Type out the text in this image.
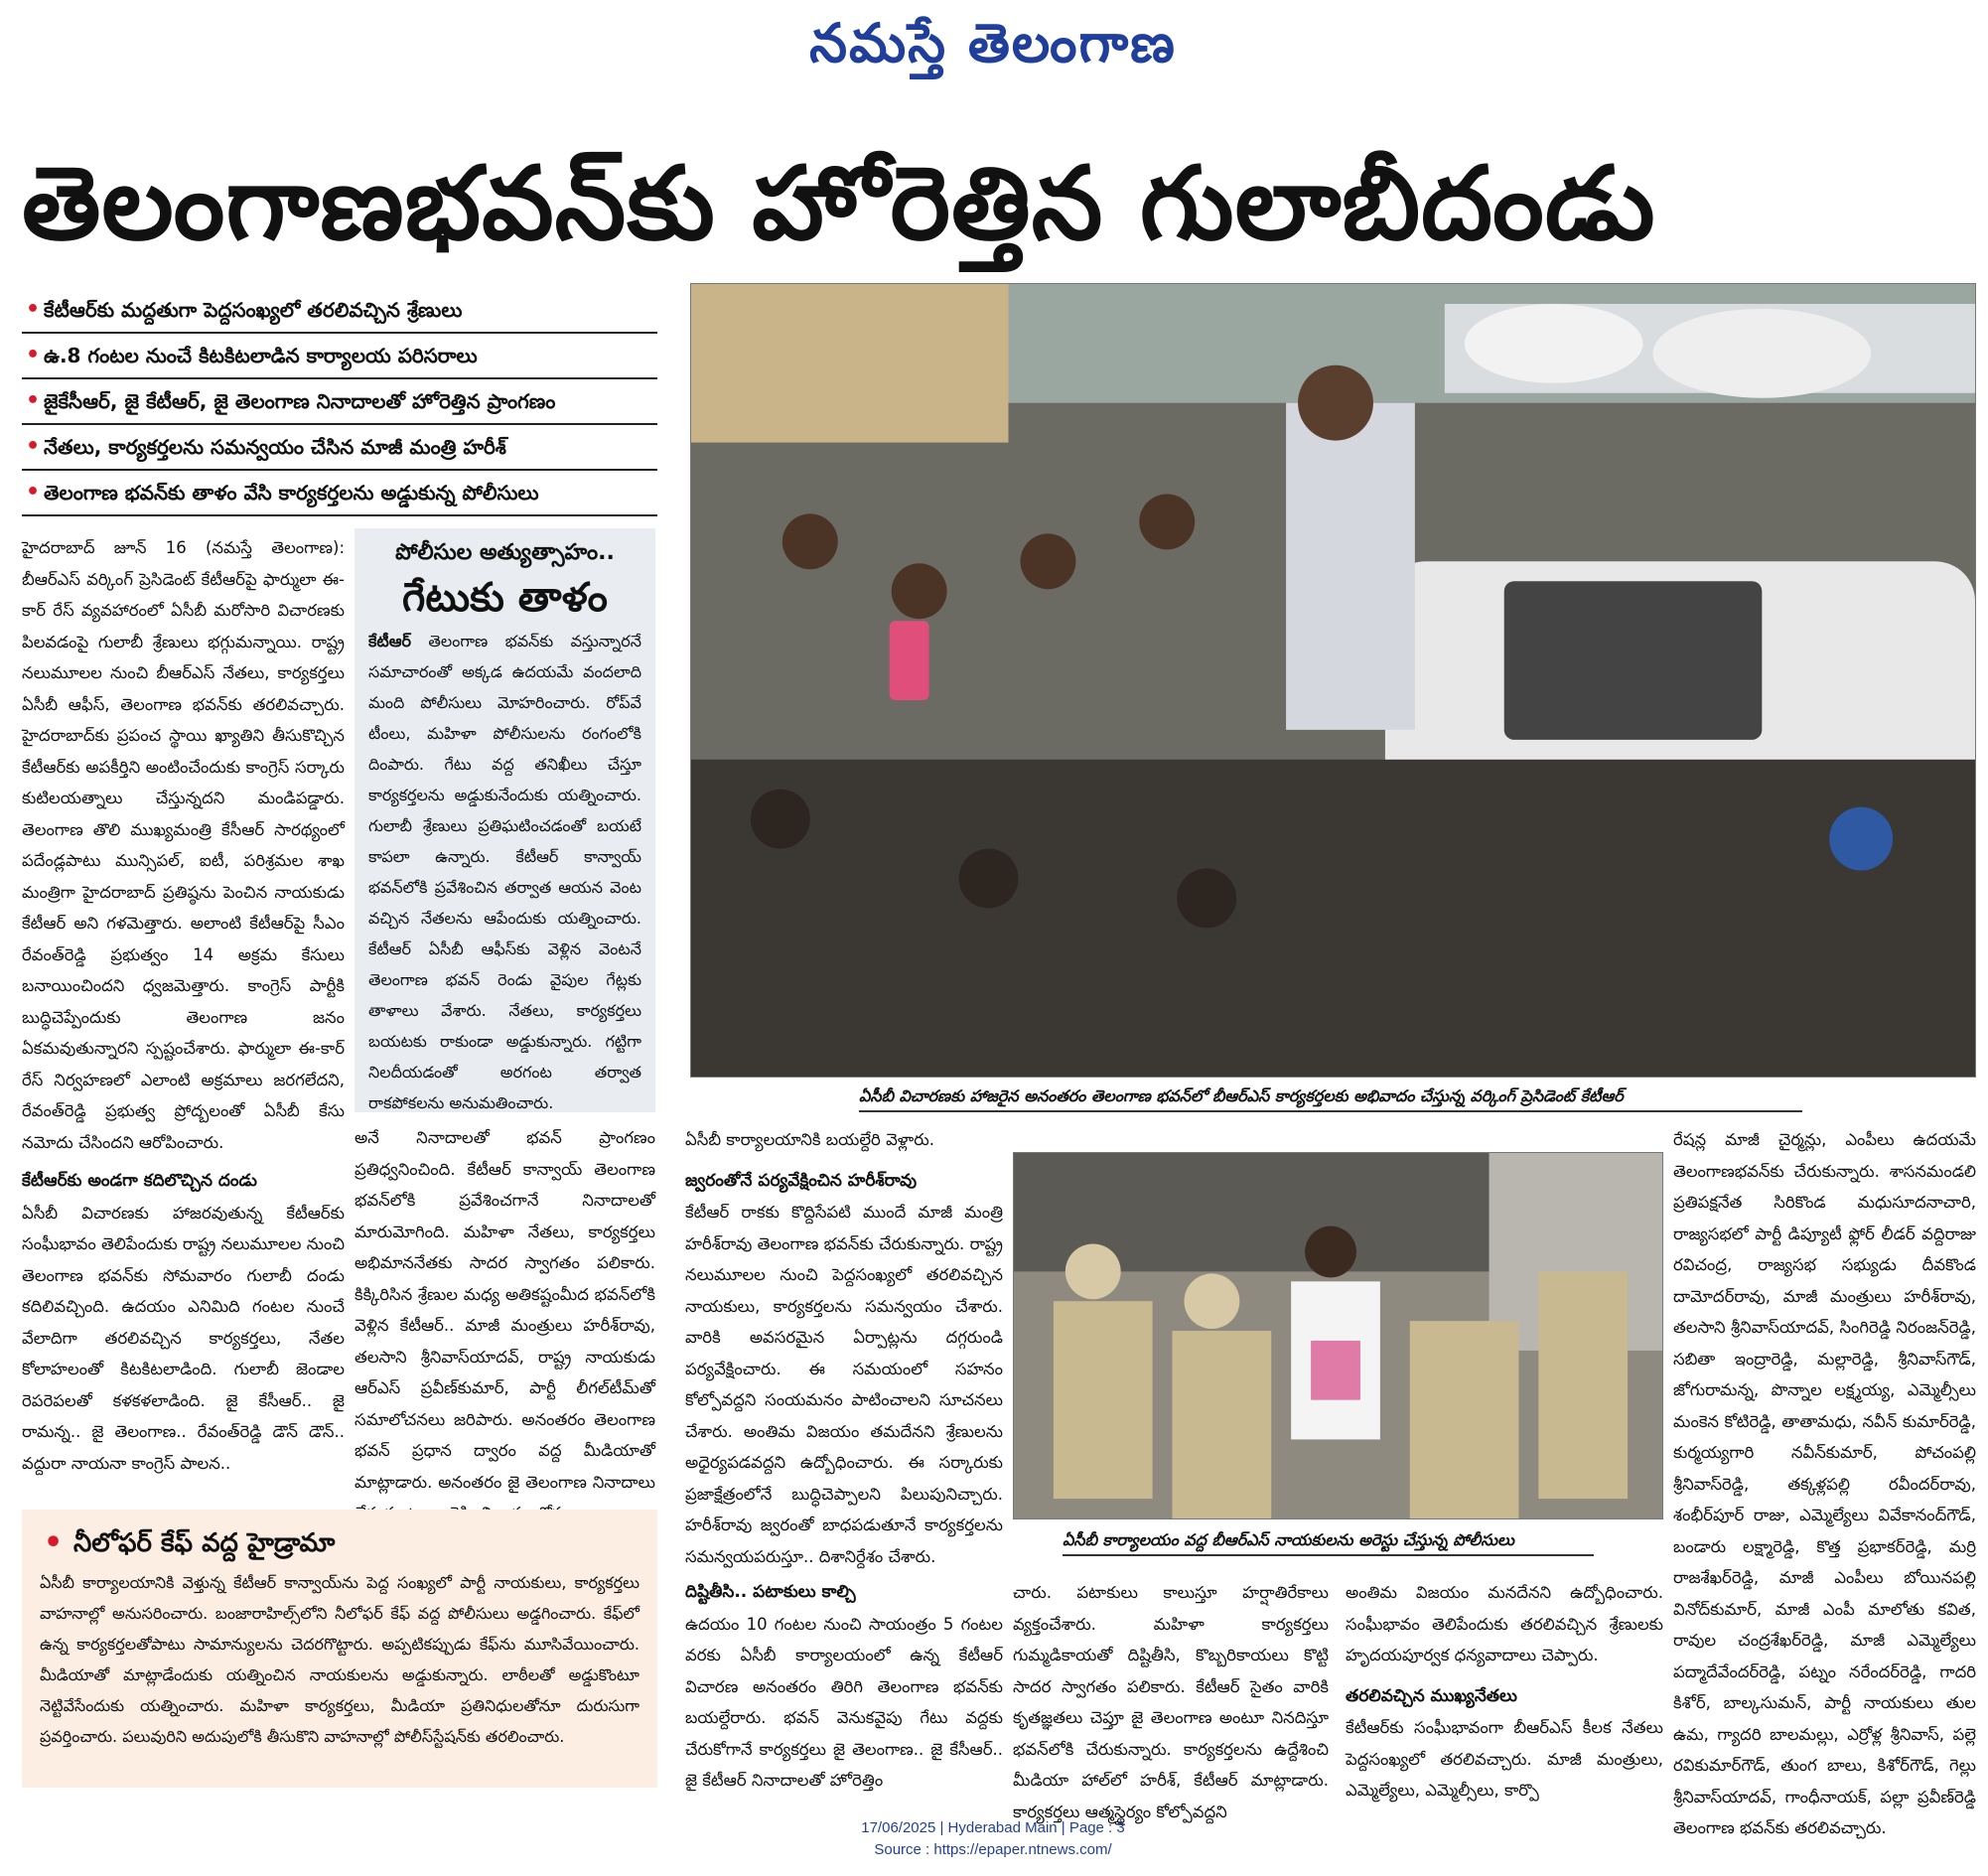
నమస్తే తెలంగాణ
తెలంగాణభవన్‌కు హోరెత్తిన గులాబీదండు
• కేటీఆర్‌కు మద్దతుగా పెద్దసంఖ్యలో తరలివచ్చిన శ్రేణులు
• ఉ.8 గంటల నుంచే కిటకిటలాడిన కార్యాలయ పరిసరాలు
• జైకేసీఆర్, జై కేటీఆర్, జై తెలంగాణ నినాదాలతో హోరెత్తిన ప్రాంగణం
• నేతలు, కార్యకర్తలను సమన్వయం చేసిన మాజీ మంత్రి హరీశ్
• తెలంగాణ భవన్‌కు తాళం వేసి కార్యకర్తలను అడ్డుకున్న పోలీసులు

హైదరాబాద్ జూన్ 16 (నమస్తే తెలంగాణ): బీఆర్‌ఎస్ వర్కింగ్ ప్రెసిడెంట్ కేటీఆర్‌పై ఫార్ములా ఈ-కార్ రేస్ వ్యవహారంలో ఏసీబీ మరోసారి విచారణకు పిలవడంపై గులాబీ శ్రేణులు భగ్గుమన్నాయి. రాష్ట్ర నలుమూలల నుంచి బీఆర్‌ఎస్ నేతలు, కార్యకర్తలు ఏసీబీ ఆఫీస్, తెలంగాణ భవన్‌కు తరలివచ్చారు. హైదరాబాద్‌కు ప్రపంచ స్థాయి ఖ్యాతిని తీసుకొచ్చిన కేటీఆర్‌కు అపకీర్తిని అంటించేందుకు కాంగ్రెస్ సర్కారు కుటిలయత్నాలు చేస్తున్నదని మండిపడ్డారు. తెలంగాణ తొలి ముఖ్యమంత్రి కేసీఆర్ సారథ్యంలో పదేండ్లపాటు మున్సిపల్, ఐటీ, పరిశ్రమల శాఖ మంత్రిగా హైదరాబాద్ ప్రతిష్ఠను పెంచిన నాయకుడు కేటీఆర్ అని గళమెత్తారు. అలాంటి కేటీఆర్‌పై సీఎం రేవంత్‌రెడ్డి ప్రభుత్వం 14 అక్రమ కేసులు బనాయించిందని ధ్వజమెత్తారు. కాంగ్రెస్ పార్టీకి బుద్ధిచెప్పేందుకు తెలంగాణ జనం ఏకమవుతున్నారని స్పష్టంచేశారు. ఫార్ములా ఈ-కార్ రేస్ నిర్వహణలో ఎలాంటి అక్రమాలు జరగలేదని, రేవంత్‌రెడ్డి ప్రభుత్వ ప్రోద్బలంతో ఏసీబీ కేసు నమోదు చేసిందని ఆరోపించారు.

కేటీఆర్‌కు అండగా కదిలొచ్చిన దండు

ఏసీబీ విచారణకు హాజరవుతున్న కేటీఆర్‌కు సంఘీభావం తెలిపేందుకు రాష్ట్ర నలుమూలల నుంచి తెలంగాణ భవన్‌కు సోమవారం గులాబీ దండు కదిలివచ్చింది. ఉదయం ఎనిమిది గంటల నుంచే వేలాదిగా తరలివచ్చిన కార్యకర్తలు, నేతల కోలాహలంతో కిటకిటలాడింది. గులాబీ జెండాల రెపరెపలతో కళకళలాడింది. జై కేసీఆర్.. జై రామన్న.. జై తెలంగాణ.. రేవంత్‌రెడ్డి డౌన్ డౌన్.. వద్దురా నాయనా కాంగ్రెస్ పాలన..

పోలీసుల అత్యుత్సాహం..
గేటుకు తాళం
కేటీఆర్ తెలంగాణ భవన్‌కు వస్తున్నారనే సమాచారంతో అక్కడ ఉదయమే వందలాది మంది పోలీసులు మోహరించారు. రోప్‌వే టీంలు, మహిళా పోలీసులను రంగంలోకి దింపారు. గేటు వద్ద తనిఖీలు చేస్తూ కార్యకర్తలను అడ్డుకునేందుకు యత్నించారు. గులాబీ శ్రేణులు ప్రతిఘటించడంతో బయటే కాపలా ఉన్నారు. కేటీఆర్ కాన్వాయ్ భవన్‌లోకి ప్రవేశించిన తర్వాత ఆయన వెంట వచ్చిన నేతలను ఆపేందుకు యత్నించారు. కేటీఆర్ ఏసీబీ ఆఫీస్‌కు వెళ్లిన వెంటనే తెలంగాణ భవన్ రెండు వైపుల గేట్లకు తాళాలు వేశారు. నేతలు, కార్యకర్తలు బయటకు రాకుండా అడ్డుకున్నారు. గట్టిగా నిలదీయడంతో అరగంట తర్వాత రాకపోకలను అనుమతించారు.

అనే నినాదాలతో భవన్ ప్రాంగణం ప్రతిధ్వనించింది. కేటీఆర్ కాన్వాయ్ తెలంగాణ భవన్‌లోకి ప్రవేశించగానే నినాదాలతో మారుమోగింది. మహిళా నేతలు, కార్యకర్తలు అభిమాననేతకు సాదర స్వాగతం పలికారు. కిక్కిరిసిన శ్రేణుల మధ్య అతికష్టంమీద భవన్‌లోకి వెళ్లిన కేటీఆర్.. మాజీ మంత్రులు హరీశ్‌రావు, తలసాని శ్రీనివాస్‌యాదవ్, రాష్ట్ర నాయకుడు ఆర్‌ఎస్ ప్రవీణ్‌కుమార్, పార్టీ లీగల్‌టీమ్‌తో సమాలోచనలు జరిపారు. అనంతరం తెలంగాణ భవన్ ప్రధాన ద్వారం వద్ద మీడియాతో మాట్లాడారు. అనంతరం జై తెలంగాణ నినాదాలు

ఏసీబీ విచారణకు హాజరైన అనంతరం తెలంగాణ భవన్‌లో బీఆర్‌ఎస్ కార్యకర్తలకు అభివాదం చేస్తున్న వర్కింగ్ ప్రెసిడెంట్ కేటీఆర్

ఏసీబీ కార్యాలయానికి బయల్దేరి వెళ్లారు.

జ్వరంతోనే పర్యవేక్షించిన హరీశ్‌రావు

కేటీఆర్ రాకకు కొద్దిసేపటి ముందే మాజీ మంత్రి హరీశ్‌రావు తెలంగాణ భవన్‌కు చేరుకున్నారు. రాష్ట్ర నలుమూలల నుంచి పెద్దసంఖ్యలో తరలివచ్చిన నాయకులు, కార్యకర్తలను సమన్వయం చేశారు. వారికి అవసరమైన ఏర్పాట్లను దగ్గరుండి పర్యవేక్షించారు. ఈ సమయంలో సహనం కోల్పోవద్దని సంయమనం పాటించాలని సూచనలు చేశారు. అంతిమ విజయం తమదేనని శ్రేణులను అధైర్యపడవద్దని ఉద్బోధించారు. ఈ సర్కారుకు ప్రజాక్షేత్రంలోనే బుద్ధిచెప్పాలని పిలుపునిచ్చారు. హరీశ్‌రావు జ్వరంతో బాధపడుతూనే కార్యకర్తలను సమన్వయపరుస్తూ.. దిశానిర్దేశం చేశారు.

దిష్టితీసి.. పటాకులు కాల్చి

ఉదయం 10 గంటల నుంచి సాయంత్రం 5 గంటల వరకు ఏసీబీ కార్యాలయంలో ఉన్న కేటీఆర్ విచారణ అనంతరం తిరిగి తెలంగాణ భవన్‌కు బయల్దేరారు. భవన్ వెనుకవైపు గేటు వద్దకు చేరుకోగానే కార్యకర్తలు జై తెలంగాణ.. జై కేసీఆర్.. జై కేటీఆర్ నినాదాలతో హోరెత్తిం

ఏసీబీ కార్యాలయం వద్ద బీఆర్‌ఎస్ నాయకులను అరెస్టు చేస్తున్న పోలీసులు

చారు. పటాకులు కాలుస్తూ హర్షాతిరేకాలు వ్యక్తంచేశారు. మహిళా కార్యకర్తలు గుమ్మడికాయతో దిష్టితీసి, కొబ్బరికాయలు కొట్టి సాదర స్వాగతం పలికారు. కేటీఆర్ సైతం వారికి కృతజ్ఞతలు చెప్తూ జై తెలంగాణ అంటూ నినదిస్తూ భవన్‌లోకి చేరుకున్నారు. కార్యకర్తలను ఉద్దేశించి మీడియా హాల్‌లో హరీశ్, కేటీఆర్ మాట్లాడారు. కార్యకర్తలు ఆత్మస్థైర్యం కోల్పోవద్దని

అంతిమ విజయం మనదేనని ఉద్బోధించారు. సంఘీభావం తెలిపేందుకు తరలివచ్చిన శ్రేణులకు హృదయపూర్వక ధన్యవాదాలు చెప్పారు.

తరలివచ్చిన ముఖ్యనేతలు

కేటీఆర్‌కు సంఘీభావంగా బీఆర్‌ఎస్ కీలక నేతలు పెద్దసంఖ్యలో తరలివచ్చారు. మాజీ మంత్రులు, ఎమ్మెల్యేలు, ఎమ్మెల్సీలు, కార్పొ

రేషన్ల మాజీ చైర్మన్లు, ఎంపీలు ఉదయమే తెలంగాణభవన్‌కు చేరుకున్నారు. శాసనమండలి ప్రతిపక్షనేత సిరికొండ మధుసూదనాచారి, రాజ్యసభలో పార్టీ డిప్యూటీ ఫ్లోర్ లీడర్ వద్దిరాజు రవిచంద్ర, రాజ్యసభ సభ్యుడు దీవకొండ దామోదర్‌రావు, మాజీ మంత్రులు హరీశ్‌రావు, తలసాని శ్రీనివాస్‌యాదవ్, సింగిరెడ్డి నిరంజన్‌రెడ్డి, సబితా ఇంద్రారెడ్డి, మల్లారెడ్డి, శ్రీనివాస్‌గౌడ్, జోగురామన్న, పొన్నాల లక్ష్మయ్య, ఎమ్మెల్సీలు మంకెన కోటిరెడ్డి, తాతామధు, నవీన్ కుమార్‌రెడ్డి, కుర్మయ్యగారి నవీన్‌కుమార్, పోచంపల్లి శ్రీనివాస్‌రెడ్డి, తక్కళ్లపల్లి రవీందర్‌రావు, శంభీర్‌పూర్ రాజు, ఎమ్మెల్యేలు వివేకానంద్‌గౌడ్, బండారు లక్ష్మారెడ్డి, కొత్త ప్రభాకర్‌రెడ్డి, మర్రి రాజశేఖర్‌రెడ్డి, మాజీ ఎంపీలు బోయినపల్లి వినోద్‌కుమార్, మాజీ ఎంపీ మాలోతు కవిత, రావుల చంద్రశేఖర్‌రెడ్డి, మాజీ ఎమ్మెల్యేలు పద్మాదేవేందర్‌రెడ్డి, పట్నం నరేందర్‌రెడ్డి, గాదరి కిశోర్, బాల్కసుమన్, పార్టీ నాయకులు తుల ఉమ, గ్యాదరి బాలమల్లు, ఎర్రోళ్ల శ్రీనివాస్, పల్లె రవికుమార్‌గౌడ్, తుంగ బాలు, కిశోర్‌గౌడ్, గెల్లు శ్రీనివాస్‌యాదవ్, గాంధీనాయక్, పల్లా ప్రవీణ్‌రెడ్డి తెలంగాణ భవన్‌కు తరలివచ్చారు.

• నీలోఫర్ కేఫ్ వద్ద హైడ్రామా
ఏసీబీ కార్యాలయానికి వెళ్తున్న కేటీఆర్ కాన్వాయ్‌ను పెద్ద సంఖ్యలో పార్టీ నాయకులు, కార్యకర్తలు వాహనాల్లో అనుసరించారు. బంజారాహిల్స్‌లోని నీలోఫర్ కేఫ్ వద్ద పోలీసులు అడ్డగించారు. కేఫ్‌లో ఉన్న కార్యకర్తలతోపాటు సామాన్యులను చెదరగొట్టారు. అప్పటికప్పుడు కేఫ్‌ను మూసివేయించారు. మీడియాతో మాట్లాడేందుకు యత్నించిన నాయకులను అడ్డుకున్నారు. లాఠీలతో అడ్డుకొంటూ నెట్టివేసేందుకు యత్నించారు. మహిళా కార్యకర్తలు, మీడియా ప్రతినిధులతోనూ దురుసుగా ప్రవర్తించారు. పలువురిని అదుపులోకి తీసుకొని వాహనాల్లో పోలీస్‌స్టేషన్‌కు తరలించారు.
17/06/2025 | Hyderabad Main | Page : 3
Source : https://epaper.ntnews.com/
